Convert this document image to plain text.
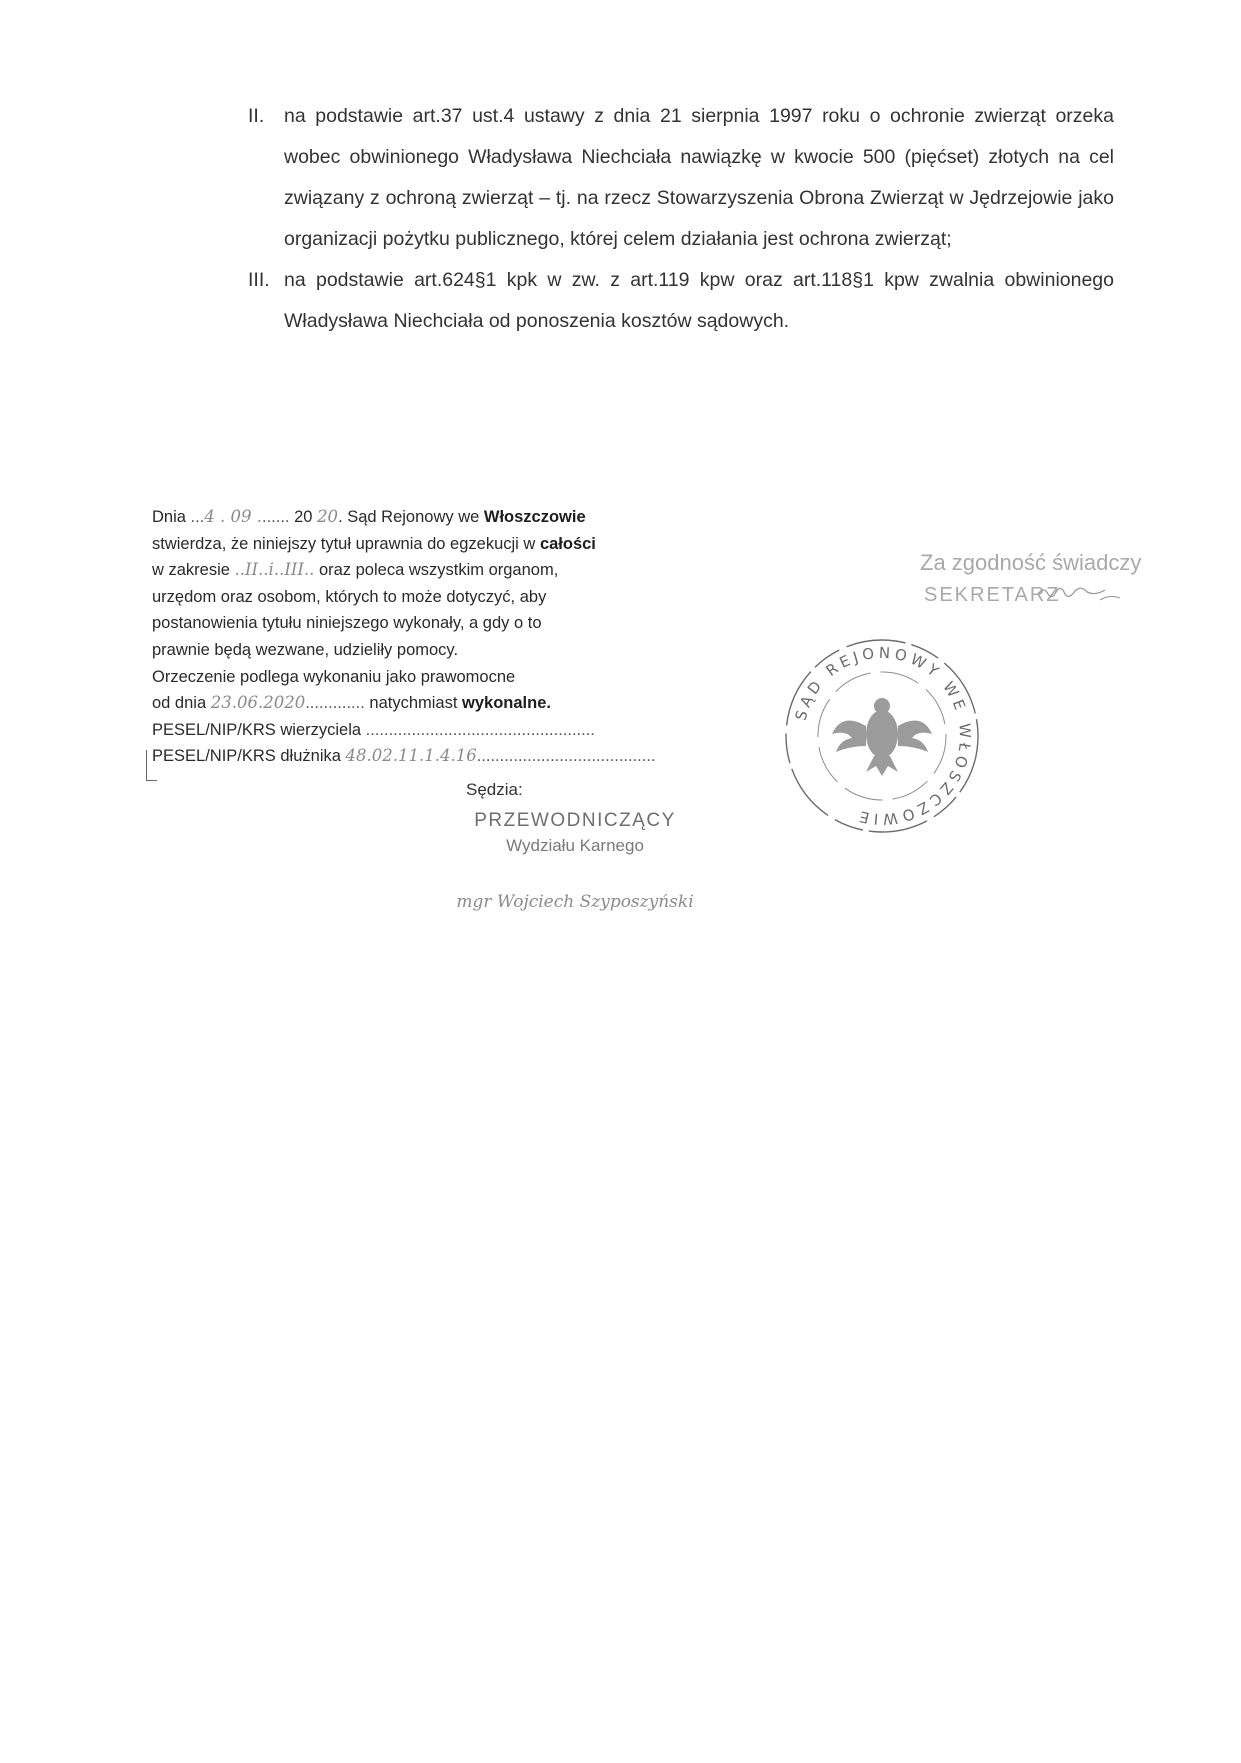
II. na podstawie art.37 ust.4 ustawy z dnia 21 sierpnia 1997 roku o ochronie zwierząt orzeka wobec obwinionego Władysława Niechciała nawiązkę w kwocie 500 (pięćset) złotych na cel związany z ochroną zwierząt – tj. na rzecz Stowarzyszenia Obrona Zwierząt w Jędrzejowie jako organizacji pożytku publicznego, której celem działania jest ochrona zwierząt;
III. na podstawie art.624§1 kpk w zw. z art.119 kpw oraz art.118§1 kpw zwalnia obwinionego Władysława Niechciała od ponoszenia kosztów sądowych.
Dnia ...4 . 09 ....... 20 20. Sąd Rejonowy we Włoszczowie
stwierdza, że niniejszy tytuł uprawnia do egzekucji w całości
w zakresie ..II..i..III.. oraz poleca wszystkim organom,
urzędom oraz osobom, których to może dotyczyć, aby
postanowienia tytułu niniejszego wykonały, a gdy o to
prawnie będą wezwane, udzieliły pomocy.
Orzeczenie podlega wykonaniu jako prawomocne
od dnia 23.06.2020............. natychmiast wykonalne.
PESEL/NIP/KRS wierzyciela ..................................................
PESEL/NIP/KRS dłużnika 48.02.11.1.4.16.......................................
Sędzia:
PRZEWODNICZĄCY
Wydziału Karnego
mgr Wojciech Szyposzyński
Za zgodność świadczy
SEKRETARZ
SĄD REJONOWY WE WŁOSZCZOWIE
